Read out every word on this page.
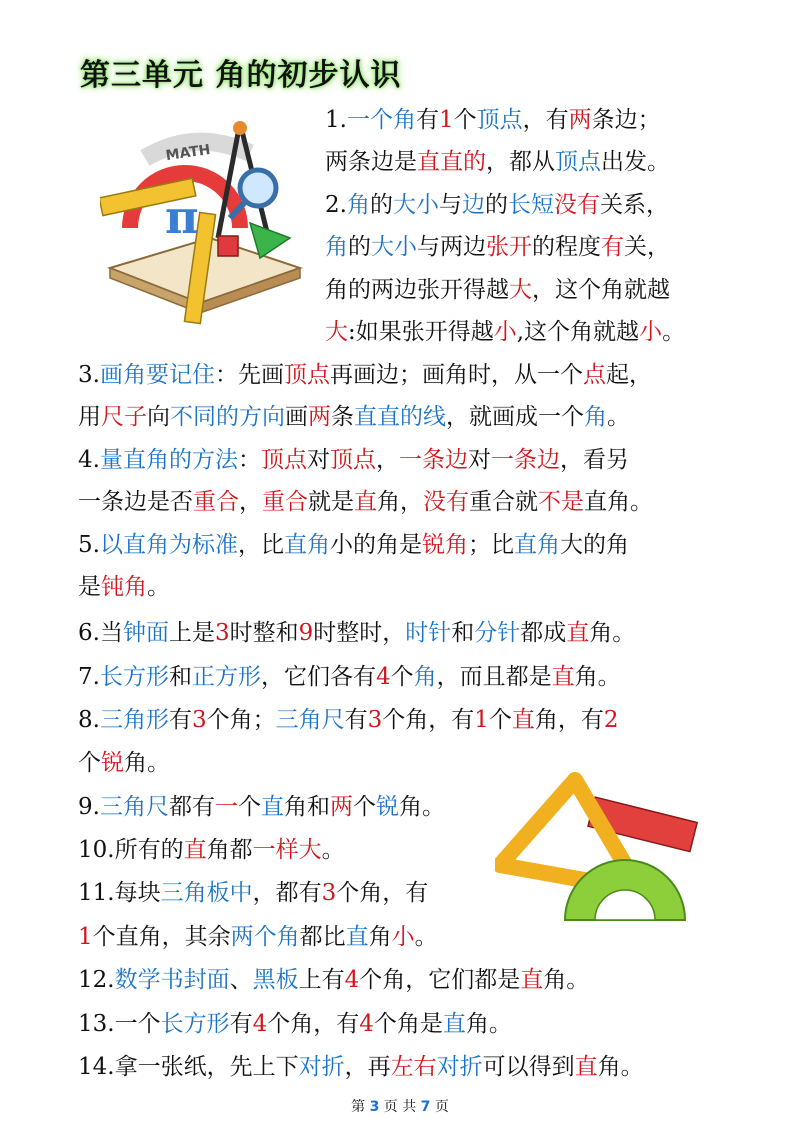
第三单元 角的初步认识
MATH
π
1.一个角有1个顶点，有两条边；
两条边是直直的，都从顶点出发。
2.角的大小与边的长短没有关系，
角的大小与两边张开的程度有关，
角的两边张开得越大，这个角就越
大:如果张开得越小,这个角就越小。
3.画角要记住：先画顶点再画边；画角时，从一个点起，
用尺子向不同的方向画两条直直的线，就画成一个角。
4.量直角的方法：顶点对顶点，一条边对一条边，看另
一条边是否重合，重合就是直角，没有重合就不是直角。
5.以直角为标准，比直角小的角是锐角；比直角大的角
是钝角。
6.当钟面上是3时整和9时整时，时针和分针都成直角。
7.长方形和正方形，它们各有4个角，而且都是直角。
8.三角形有3个角；三角尺有3个角，有1个直角，有2
个锐角。
9.三角尺都有一个直角和两个锐角。
10.所有的直角都一样大。
11.每块三角板中，都有3个角，有
1个直角，其余两个角都比直角小。
12.数学书封面、黑板上有4个角，它们都是直角。
13.一个长方形有4个角，有4个角是直角。
14.拿一张纸，先上下对折，再左右对折可以得到直角。
第 3 页 共 7 页
